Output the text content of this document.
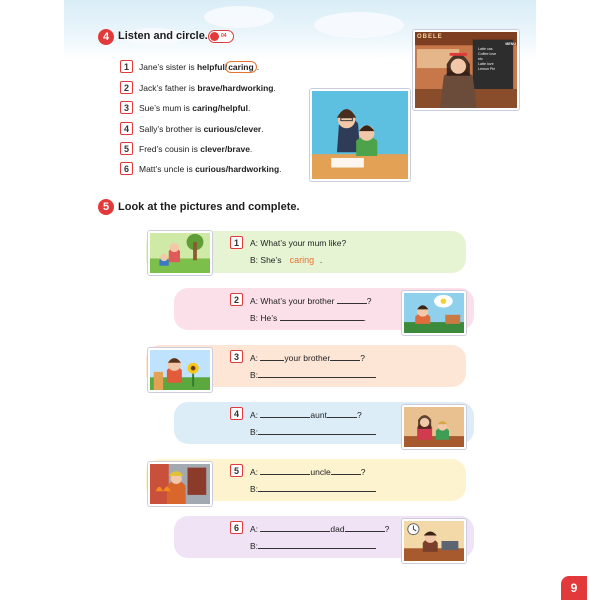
4 Listen and circle.	04
1	Jane’s sister is helpful/caring .
2	Jack’s father is brave/hardworking.
3	Sue’s mum is caring/helpful.
4	Sally’s brother is curious/clever.
5	Fred’s cousin is clever/brave.
6	Matt’s uncle is curious/hardworking.
OBELE
MENU
Latte cas
Coffee love
etc
Latte love
Lemon Pie
5 Look at the pictures and complete.
1	A: What’s your mum like?
B: She’s caring .
2	A: What’s your brother	?
B: He’s	.
3	A:	your brother	?
B:
4	A:	aunt	?
B:
5	A:	uncle	?
B:
6	A:	dad	?
B:
9
